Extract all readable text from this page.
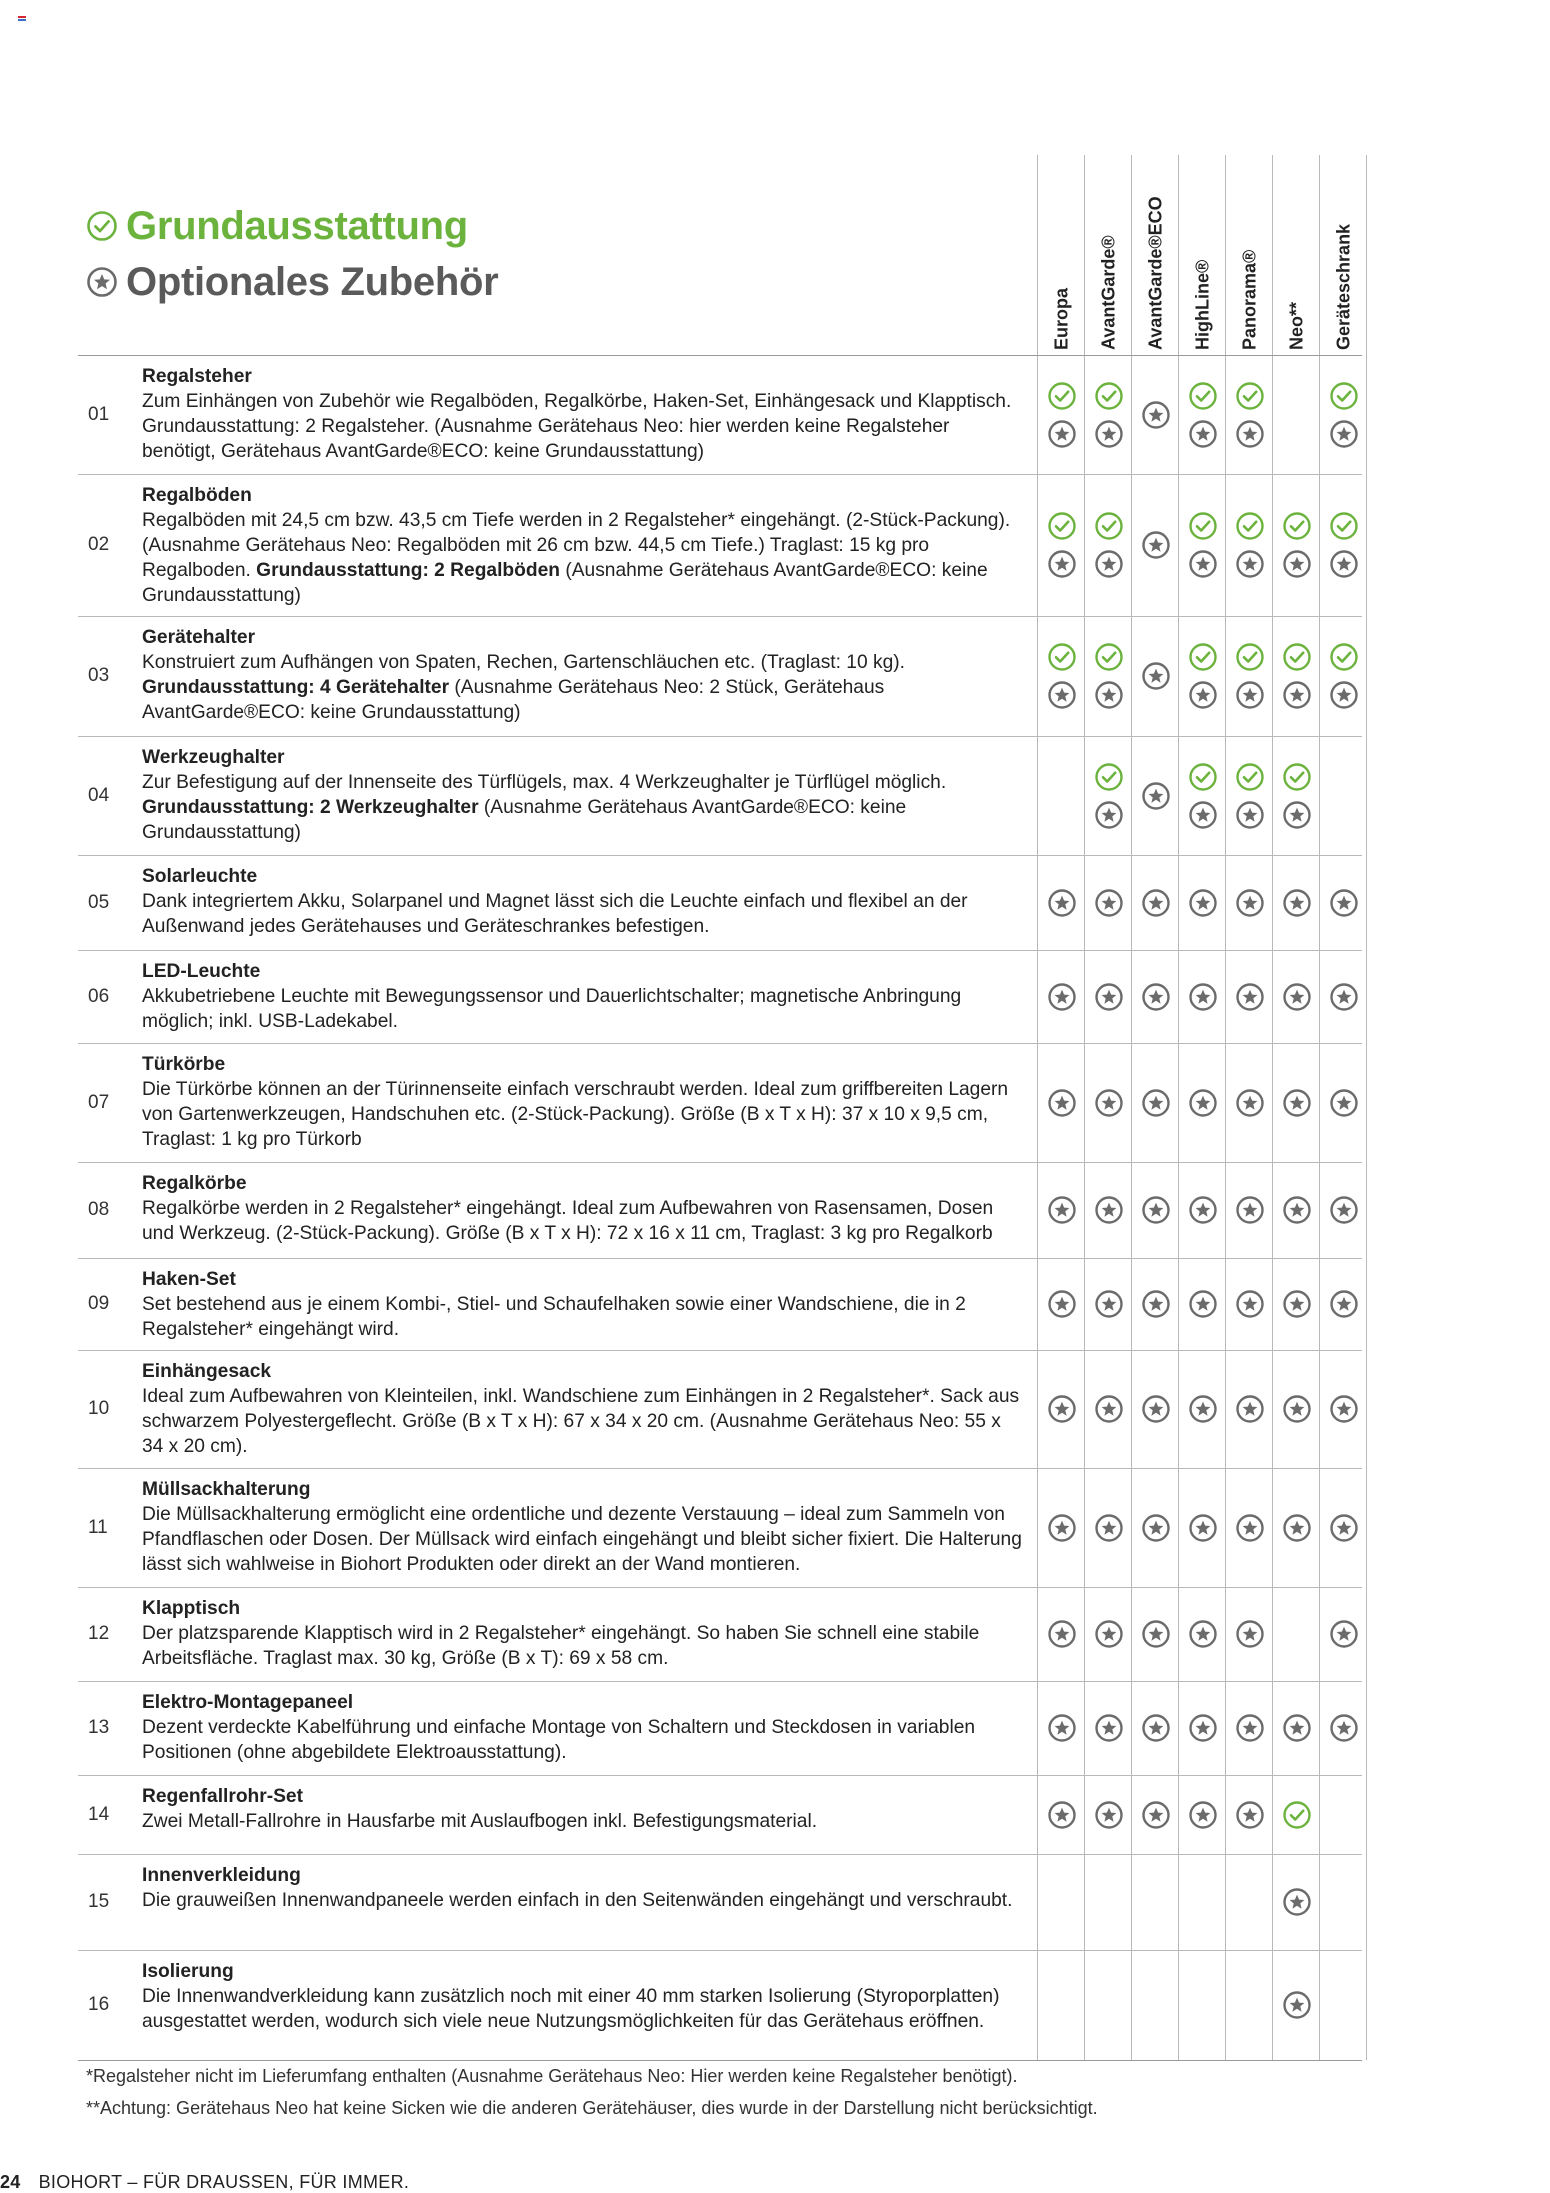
Grundausstattung
Optionales Zubehör
Europa AvantGarde® AvantGarde®ECO HighLine® Panorama® Neo** Geräteschrank
01
Regalsteher
Zum Einhängen von Zubehör wie Regalböden, Regalkörbe, Haken-Set, Einhängesack und Klapptisch. Grundausstattung: 2 Regalsteher. (Ausnahme Gerätehaus Neo: hier werden keine Regalsteher benötigt, Gerätehaus AvantGarde®ECO: keine Grundausstattung)
02
Regalböden
Regalböden mit 24,5 cm bzw. 43,5 cm Tiefe werden in 2 Regalsteher* eingehängt. (2-Stück-Packung). (Ausnahme Gerätehaus Neo: Regalböden mit 26 cm bzw. 44,5 cm Tiefe.) Traglast: 15 kg pro Regalboden. Grundausstattung: 2 Regalböden (Ausnahme Gerätehaus AvantGarde®ECO: keine Grundausstattung)
03
Gerätehalter
Konstruiert zum Aufhängen von Spaten, Rechen, Gartenschläuchen etc. (Traglast: 10 kg). Grundausstattung: 4 Gerätehalter (Ausnahme Gerätehaus Neo: 2 Stück, Gerätehaus AvantGarde®ECO: keine Grundausstattung)
04
Werkzeughalter
Zur Befestigung auf der Innenseite des Türflügels, max. 4 Werkzeughalter je Türflügel möglich. Grundausstattung: 2 Werkzeughalter (Ausnahme Gerätehaus AvantGarde®ECO: keine Grundausstattung)
05
Solarleuchte
Dank integriertem Akku, Solarpanel und Magnet lässt sich die Leuchte einfach und flexibel an der Außenwand jedes Gerätehauses und Geräteschrankes befestigen.
06
LED-Leuchte
Akkubetriebene Leuchte mit Bewegungssensor und Dauerlichtschalter; magnetische Anbringung möglich; inkl. USB-Ladekabel.
07
Türkörbe
Die Türkörbe können an der Türinnenseite einfach verschraubt werden. Ideal zum griffbereiten Lagern von Gartenwerkzeugen, Handschuhen etc. (2-Stück-Packung). Größe (B x T x H): 37 x 10 x 9,5 cm, Traglast: 1 kg pro Türkorb
08
Regalkörbe
Regalkörbe werden in 2 Regalsteher* eingehängt. Ideal zum Aufbewahren von Rasensamen, Dosen und Werkzeug. (2-Stück-Packung). Größe (B x T x H): 72 x 16 x 11 cm, Traglast: 3 kg pro Regalkorb
09
Haken-Set
Set bestehend aus je einem Kombi-, Stiel- und Schaufelhaken sowie einer Wandschiene, die in 2 Regalsteher* eingehängt wird.
10
Einhängesack
Ideal zum Aufbewahren von Kleinteilen, inkl. Wandschiene zum Einhängen in 2 Regalsteher*. Sack aus schwarzem Polyestergeflecht. Größe (B x T x H): 67 x 34 x 20 cm. (Ausnahme Gerätehaus Neo: 55 x 34 x 20 cm).
11
Müllsackhalterung
Die Müllsackhalterung ermöglicht eine ordentliche und dezente Verstauung – ideal zum Sammeln von Pfandflaschen oder Dosen. Der Müllsack wird einfach eingehängt und bleibt sicher fixiert. Die Halterung lässt sich wahlweise in Biohort Produkten oder direkt an der Wand montieren.
12
Klapptisch
Der platzsparende Klapptisch wird in 2 Regalsteher* eingehängt. So haben Sie schnell eine stabile Arbeitsfläche. Traglast max. 30 kg, Größe (B x T): 69 x 58 cm.
13
Elektro-Montagepaneel
Dezent verdeckte Kabelführung und einfache Montage von Schaltern und Steckdosen in variablen Positionen (ohne abgebildete Elektroausstattung).
14
Regenfallrohr-Set
Zwei Metall-Fallrohre in Hausfarbe mit Auslaufbogen inkl. Befestigungsmaterial.
15
Innenverkleidung
Die grauweißen Innenwandpaneele werden einfach in den Seitenwänden eingehängt und verschraubt.
16
Isolierung
Die Innenwandverkleidung kann zusätzlich noch mit einer 40 mm starken Isolierung (Styroporplatten) ausgestattet werden, wodurch sich viele neue Nutzungsmöglichkeiten für das Gerätehaus eröffnen.
*Regalsteher nicht im Lieferumfang enthalten (Ausnahme Gerätehaus Neo: Hier werden keine Regalsteher benötigt).
**Achtung: Gerätehaus Neo hat keine Sicken wie die anderen Gerätehäuser, dies wurde in der Darstellung nicht berücksichtigt.
24 BIOHORT – FÜR DRAUSSEN, FÜR IMMER.
